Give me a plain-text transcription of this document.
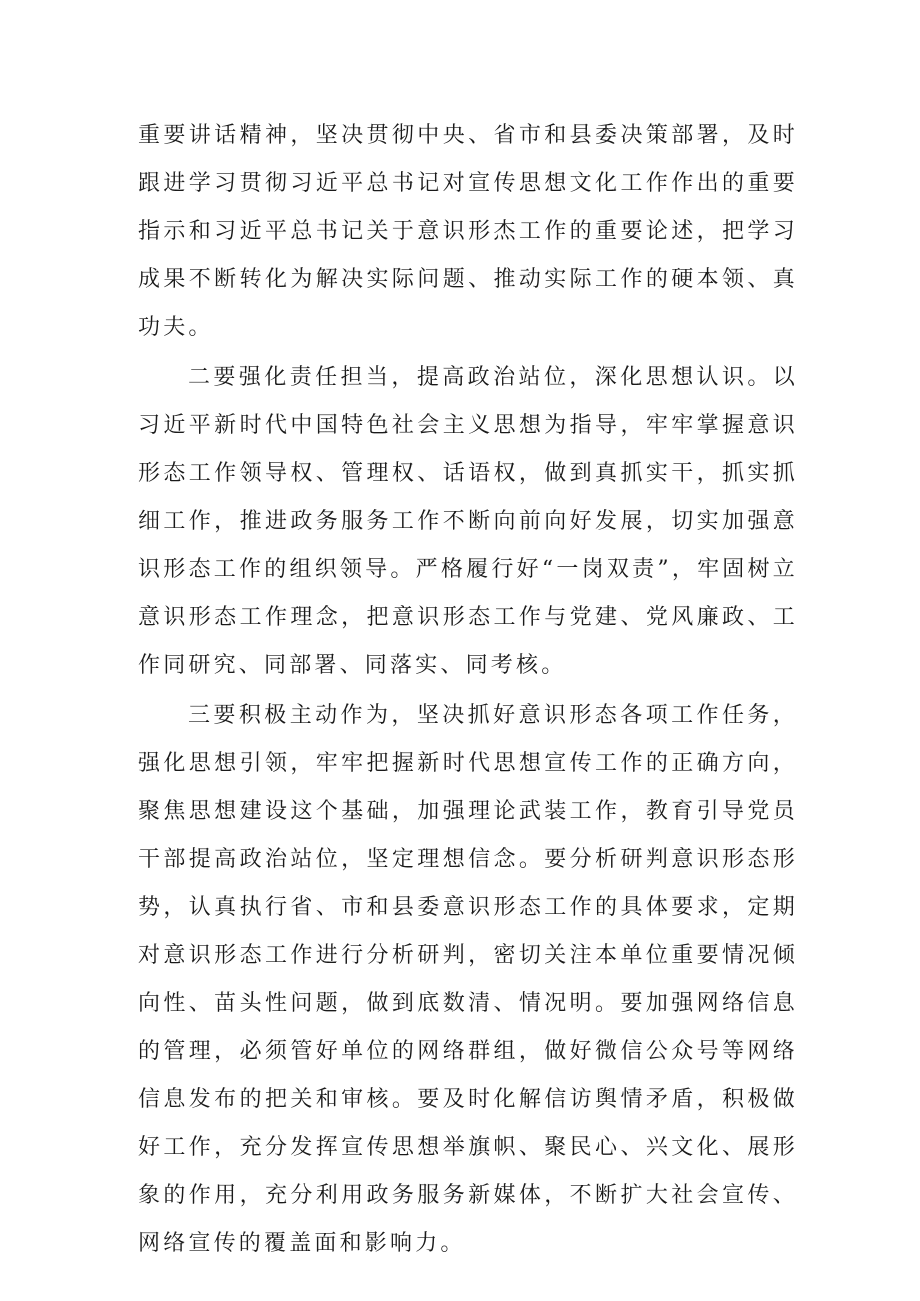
重要讲话精神，坚决贯彻中央、省市和县委决策部署，及时跟进学习贯彻习近平总书记对宣传思想文化工作作出的重要指示和习近平总书记关于意识形杰工作的重要论述，把学习成果不断转化为解决实际问题、推动实际工作的硬本领、真功夫。

二要强化责任担当，提高政治站位，深化思想认识。以习近平新时代中国特色社会主义思想为指导，牢牢掌握意识形态工作领导权、管理权、话语权，做到真抓实干，抓实抓细工作，推进政务服务工作不断向前向好发展，切实加强意识形态工作的组织领导。严格履行好“一岗双责”，牢固树立意识形态工作理念，把意识形态工作与党建、党风廉政、工作同研究、同部署、同落实、同考核。

三要积极主动作为，坚决抓好意识形态各项工作任务，强化思想引领，牢牢把握新时代思想宣传工作的正确方向，聚焦思想建设这个基础，加强理论武装工作，教育引导党员干部提高政治站位，坚定理想信念。要分析研判意识形态形势，认真执行省、市和县委意识形态工作的具体要求，定期对意识形态工作进行分析研判，密切关注本单位重要情况倾向性、苗头性问题，做到底数清、情况明。要加强网络信息的管理，必须管好单位的网络群组，做好微信公众号等网络信息发布的把关和审核。要及时化解信访舆情矛盾，积极做好工作，充分发挥宣传思想举旗帜、聚民心、兴文化、展形象的作用，充分利用政务服务新媒体，不断扩大社会宣传、网络宣传的覆盖面和影响力。
